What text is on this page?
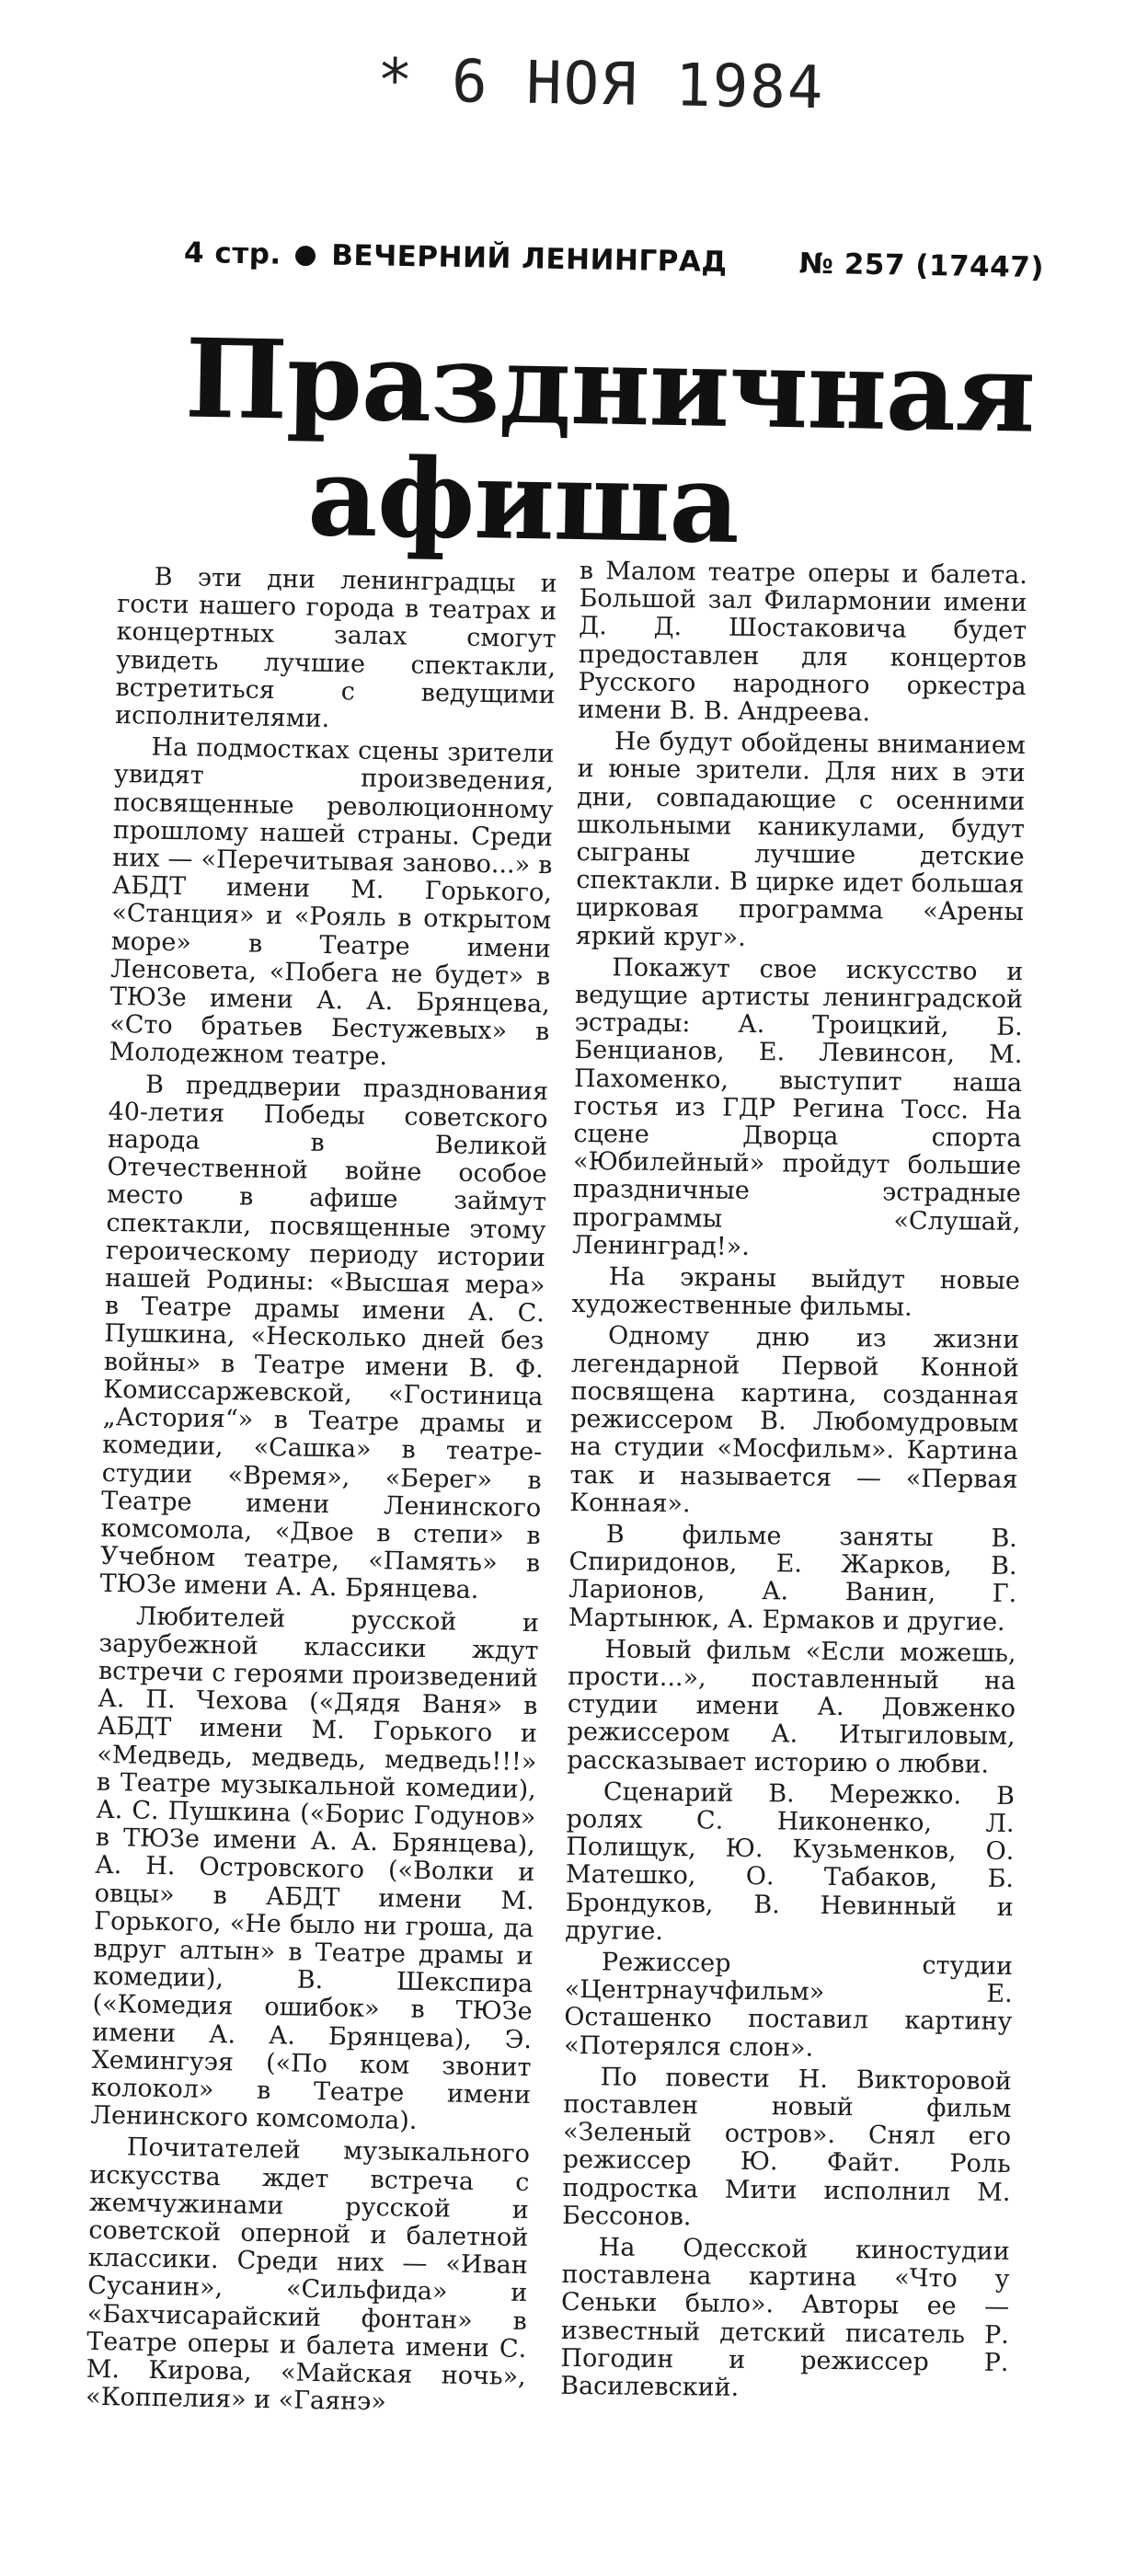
* 6 НОЯ 1984
4 стр. ВЕЧЕРНИЙ ЛЕНИНГРАД	№ 257 (17447)
Праздничная
афиша

В эти дни ленинградцы и гости нашего города в театрах и концертных залах смогут увидеть лучшие спектакли, встретиться с ведущими исполнителями.

На подмостках сцены зрители увидят произведения, посвященные революционному прошлому нашей страны. Среди них — «Перечитывая заново...» в АБДТ имени М. Горького, «Станция» и «Рояль в открытом море» в Театре имени Ленсовета, «Побега не будет» в ТЮЗе имени А. А. Брянцева, «Сто братьев Бестужевых» в Молодежном театре.

В преддверии празднования 40-летия Победы советского народа в Великой Отечественной войне особое место в афише займут спектакли, посвященные этому героическому периоду истории нашей Родины: «Высшая мера» в Театре драмы имени А. С. Пушкина, «Несколько дней без войны» в Театре имени В. Ф. Комиссаржевской, «Гостиница „Астория“» в Театре драмы и комедии, «Сашка» в театре-студии «Время», «Берег» в Театре имени Ленинского комсомола, «Двое в степи» в Учебном театре, «Память» в ТЮЗе имени А. А. Брянцева.

Любителей русской и зарубежной классики ждут встречи с героями произведений А. П. Чехова («Дядя Ваня» в АБДТ имени М. Горького и «Медведь, медведь, медведь!!!» в Театре музыкальной комедии), А. С. Пушкина («Борис Годунов» в ТЮЗе имени А. А. Брянцева), А. Н. Островского («Волки и овцы» в АБДТ имени М. Горького, «Не было ни гроша, да вдруг алтын» в Театре драмы и комедии), В. Шекспира («Комедия ошибок» в ТЮЗе имени А. А. Брянцева), Э. Хемингуэя («По ком звонит колокол» в Театре имени Ленинского комсомола).

Почитателей музыкального искусства ждет встреча с жемчужинами русской и советской оперной и балетной классики. Среди них — «Иван Сусанин», «Сильфида» и «Бахчисарайский фонтан» в Театре оперы и балета имени С. М. Кирова, «Майская ночь», «Коппелия» и «Гаянэ»

в Малом театре оперы и балета. Большой зал Филармонии имени Д. Д. Шостаковича будет предоставлен для концертов Русского народного оркестра имени В. В. Андреева.

Не будут обойдены вниманием и юные зрители. Для них в эти дни, совпадающие с осенними школьными каникулами, будут сыграны лучшие детские спектакли. В цирке идет большая цирковая программа «Арены яркий круг».

Покажут свое искусство и ведущие артисты ленинградской эстрады: А. Троицкий, Б. Бенцианов, Е. Левинсон, М. Пахоменко, выступит наша гостья из ГДР Регина Тосс. На сцене Дворца спорта «Юбилейный» пройдут большие праздничные эстрадные программы «Слушай, Ленинград!».

На экраны выйдут новые художественные фильмы.

Одному дню из жизни легендарной Первой Конной посвящена картина, созданная режиссером В. Любомудровым на студии «Мосфильм». Картина так и называется — «Первая Конная».

В фильме заняты В. Спиридонов, Е. Жарков, В. Ларионов, А. Ванин, Г. Мартынюк, А. Ермаков и другие.

Новый фильм «Если можешь, прости...», поставленный на студии имени А. Довженко режиссером А. Итыгиловым, рассказывает историю о любви.

Сценарий В. Мережко. В ролях С. Никоненко, Л. Полищук, Ю. Кузьменков, О. Матешко, О. Табаков, Б. Брондуков, В. Невинный и другие.

Режиссер студии «Центрнаучфильм» Е. Осташенко поставил картину «Потерялся слон».

По повести Н. Викторовой поставлен новый фильм «Зеленый остров». Снял его режиссер Ю. Файт. Роль подростка Мити исполнил М. Бессонов.

На Одесской киностудии поставлена картина «Что у Сеньки было». Авторы ее — известный детский писатель Р. Погодин и режиссер Р. Василевский.
